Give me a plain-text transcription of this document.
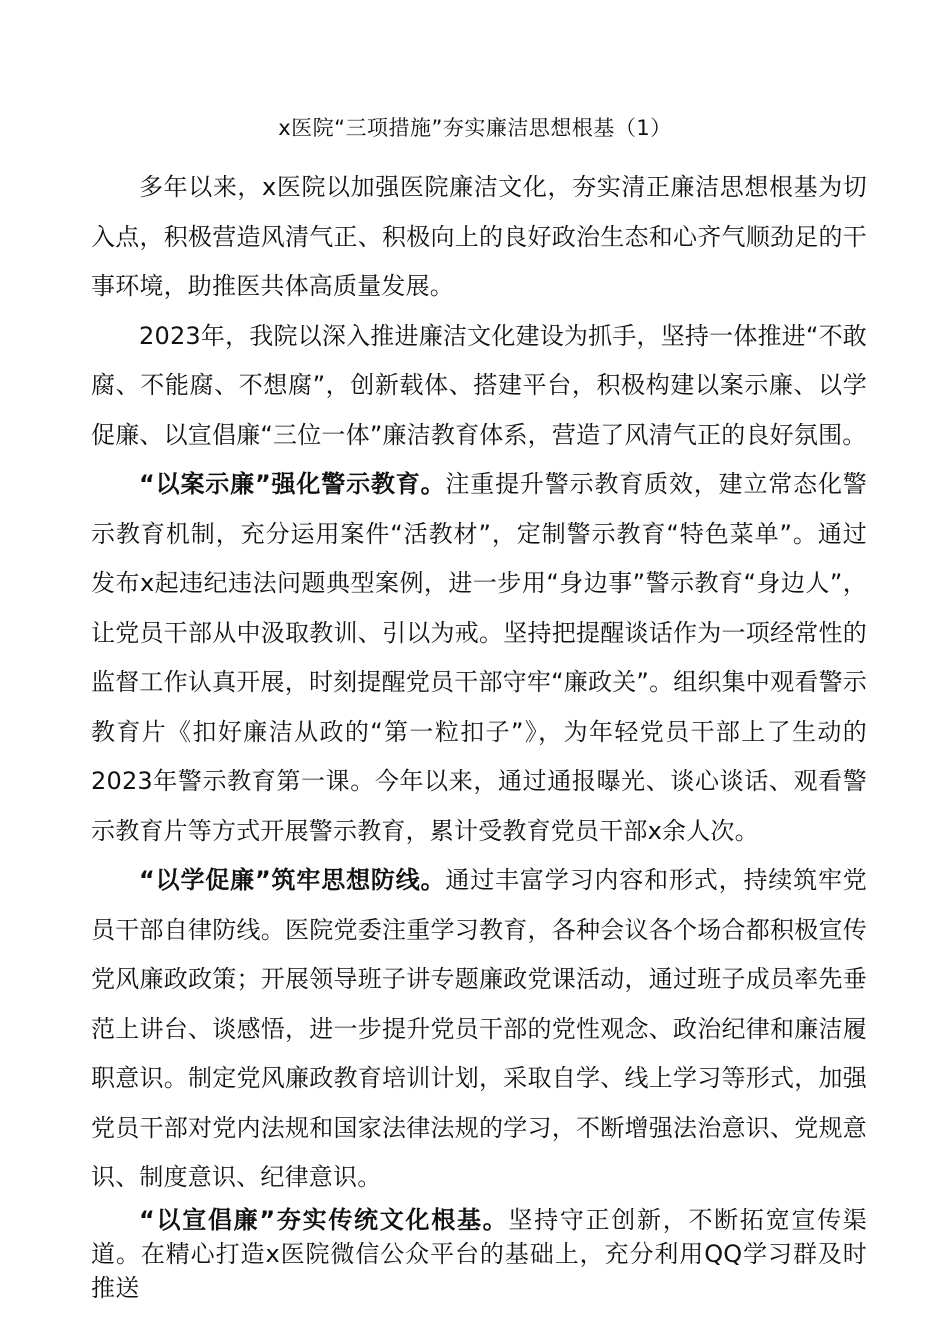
x医院“三项措施”夯实廉洁思想根基（1）

多年以来，x医院以加强医院廉洁文化，夯实清正廉洁思想根基为切入点，积极营造风清气正、积极向上的良好政治生态和心齐气顺劲足的干事环境，助推医共体高质量发展。

2023年，我院以深入推进廉洁文化建设为抓手，坚持一体推进“不敢腐、不能腐、不想腐”，创新载体、搭建平台，积极构建以案示廉、以学促廉、以宣倡廉“三位一体”廉洁教育体系，营造了风清气正的良好氛围。

“以案示廉”强化警示教育。注重提升警示教育质效，建立常态化警示教育机制，充分运用案件“活教材”，定制警示教育“特色菜单”。通过发布x起违纪违法问题典型案例，进一步用“身边事”警示教育“身边人”，让党员干部从中汲取教训、引以为戒。坚持把提醒谈话作为一项经常性的监督工作认真开展，时刻提醒党员干部守牢“廉政关”。组织集中观看警示教育片《扣好廉洁从政的“第一粒扣子”》，为年轻党员干部上了生动的2023年警示教育第一课。今年以来，通过通报曝光、谈心谈话、观看警示教育片等方式开展警示教育，累计受教育党员干部x余人次。

“以学促廉”筑牢思想防线。通过丰富学习内容和形式，持续筑牢党员干部自律防线。医院党委注重学习教育，各种会议各个场合都积极宣传党风廉政政策；开展领导班子讲专题廉政党课活动，通过班子成员率先垂范上讲台、谈感悟，进一步提升党员干部的党性观念、政治纪律和廉洁履职意识。制定党风廉政教育培训计划，采取自学、线上学习等形式，加强党员干部对党内法规和国家法律法规的学习，不断增强法治意识、党规意识、制度意识、纪律意识。

“以宣倡廉”夯实传统文化根基。坚持守正创新，不断拓宽宣传渠道。在精心打造x医院微信公众平台的基础上，充分利用QQ学习群及时推送
